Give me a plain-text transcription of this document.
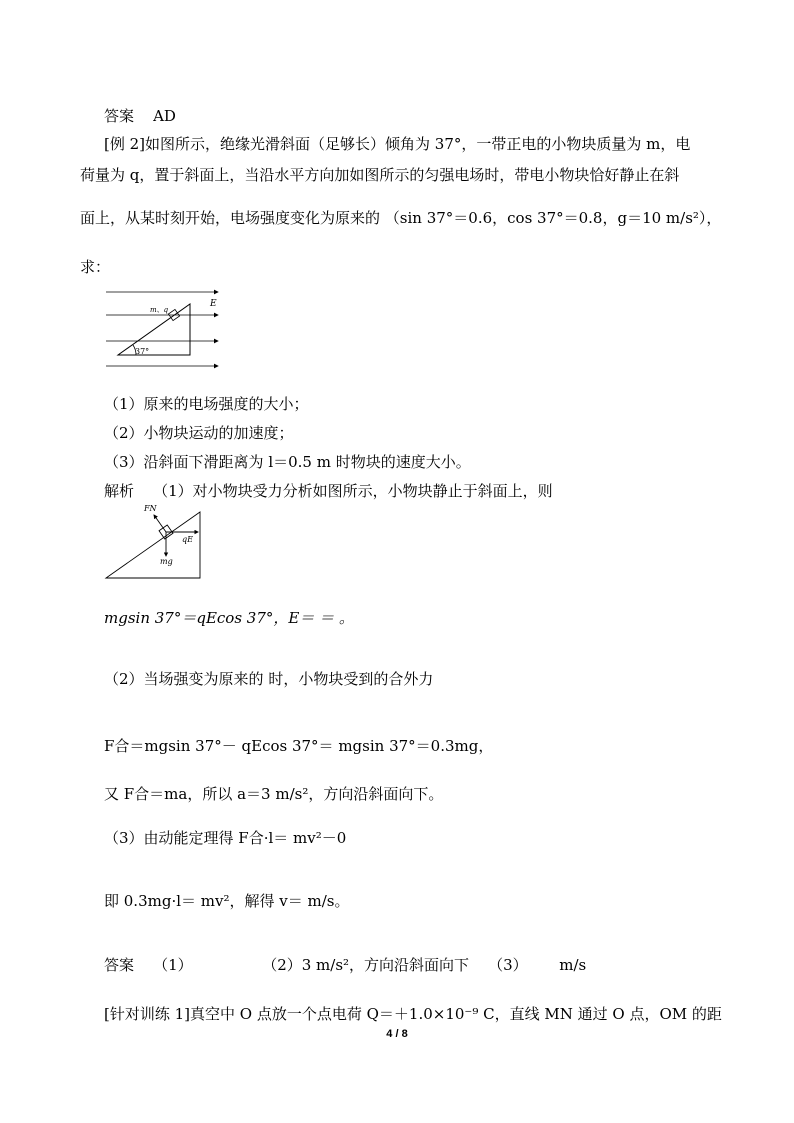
答案 AD
[例 2]如图所示，绝缘光滑斜面（足够长）倾角为 37°，一带正电的小物块质量为 m，电
荷量为 q，置于斜面上，当沿水平方向加如图所示的匀强电场时，带电小物块恰好静止在斜
面上，从某时刻开始，电场强度变化为原来的 （sin 37°＝0.6，cos 37°＝0.8，g＝10 m/s²），
求：
m、q
E
37°
（1）原来的电场强度的大小；
（2）小物块运动的加速度；
（3）沿斜面下滑距离为 l＝0.5 m 时物块的速度大小。
解析 （1）对小物块受力分析如图所示，小物块静止于斜面上，则
FN
qE
mg
mgsin 37°＝qEcos 37°，E＝ ＝ 。
（2）当场强变为原来的 时，小物块受到的合外力
F合＝mgsin 37°－ qEcos 37°＝ mgsin 37°＝0.3mg，
又 F合＝ma，所以 a＝3 m/s²，方向沿斜面向下。
（3）由动能定理得 F合·l＝ mv²－0
即 0.3mg·l＝ mv²，解得 v＝ m/s。
答案 （1）	（2）3 m/s²，方向沿斜面向下 （3） m/s
[针对训练 1]真空中 O 点放一个点电荷 Q＝＋1.0×10⁻⁹ C，直线 MN 通过 O 点，OM 的距
4 / 8
